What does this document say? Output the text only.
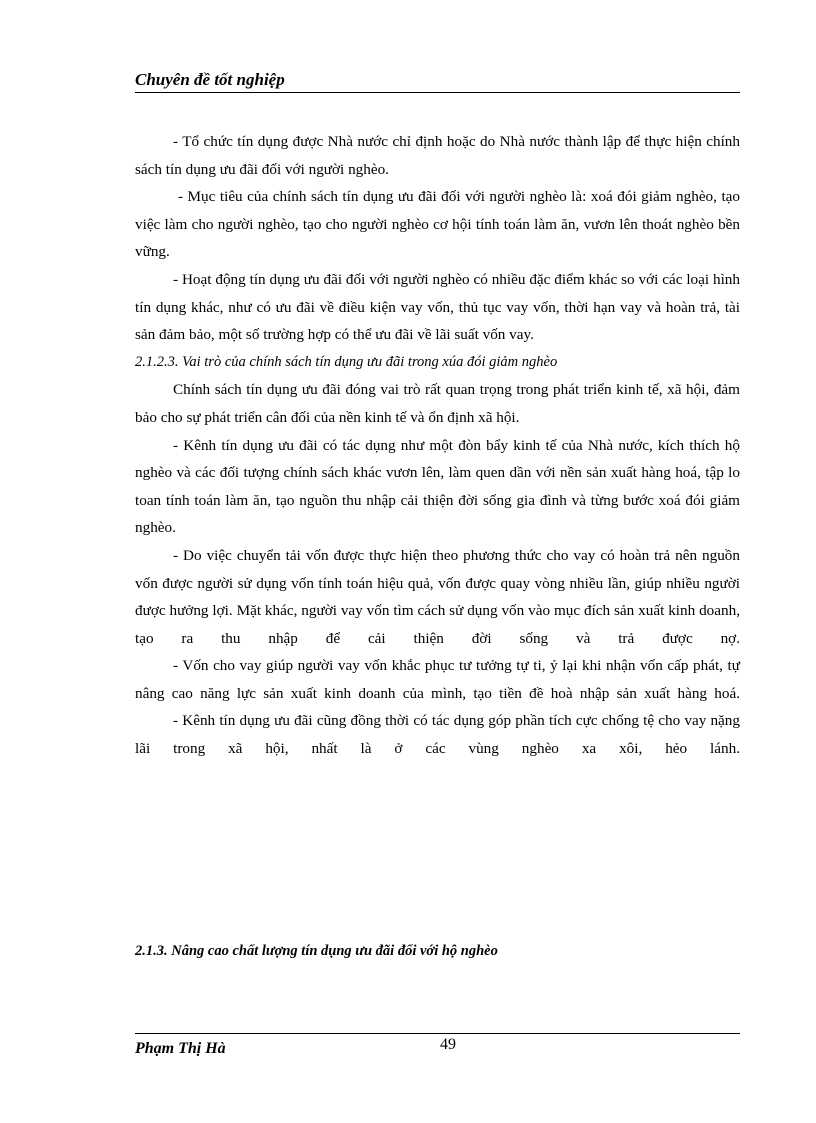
Chuyên đề tốt nghiệp

- Tổ chức tín dụng được Nhà nước chỉ định hoặc do Nhà nước thành lập để thực hiện chính sách tín dụng ưu đãi đối với người nghèo.

- Mục tiêu của chính sách tín dụng ưu đãi đối với người nghèo là: xoá đói giảm nghèo, tạo việc làm cho người nghèo, tạo cho người nghèo cơ hội tính toán làm ăn, vươn lên thoát nghèo bền vững.

- Hoạt động tín dụng ưu đãi đối với người nghèo có nhiều đặc điểm khác so với các loại hình tín dụng khác, như có ưu đãi về điều kiện vay vốn, thủ tục vay vốn, thời hạn vay và hoàn trả, tài sản đảm bảo, một số trường hợp có thể ưu đãi về lãi suất vốn vay.

2.1.2.3. Vai trò của chính sách tín dụng ưu đãi trong xúa đói giảm nghèo

Chính sách tín dụng ưu đãi đóng vai trò rất quan trọng trong phát triển kinh tế, xã hội, đảm bảo cho sự phát triển cân đối của nền kinh tế và ổn định xã hội.

- Kênh tín dụng ưu đãi có tác dụng như một đòn bẩy kinh tế của Nhà nước, kích thích hộ nghèo và các đối tượng chính sách khác vươn lên, làm quen dần với nền sản xuất hàng hoá, tập lo toan tính toán làm ăn, tạo nguồn thu nhập cải thiện đời sống gia đình và từng bước xoá đói giảm nghèo.

- Do việc chuyển tải vốn được thực hiện theo phương thức cho vay có hoàn trả nên nguồn vốn được người sử dụng vốn tính toán hiệu quả, vốn được quay vòng nhiều lần, giúp nhiều người được hưởng lợi. Mặt khác, người vay vốn tìm cách sử dụng vốn vào mục đích sản xuất kinh doanh, tạo ra thu nhập để cải thiện đời sống và trả được nợ.

- Vốn cho vay giúp người vay vốn khắc phục tư tưởng tự ti, ỷ lại khi nhận vốn cấp phát, tự nâng cao năng lực sản xuất kinh doanh của mình, tạo tiền đề hoà nhập sản xuất hàng hoá.

- Kênh tín dụng ưu đãi cũng đồng thời có tác dụng góp phần tích cực chống tệ cho vay nặng lãi trong xã hội, nhất là ở các vùng nghèo xa xôi, hẻo lánh.

2.1.3. Nâng cao chất lượng tín dụng ưu đãi đối với hộ nghèo

Phạm Thị Hà	49
